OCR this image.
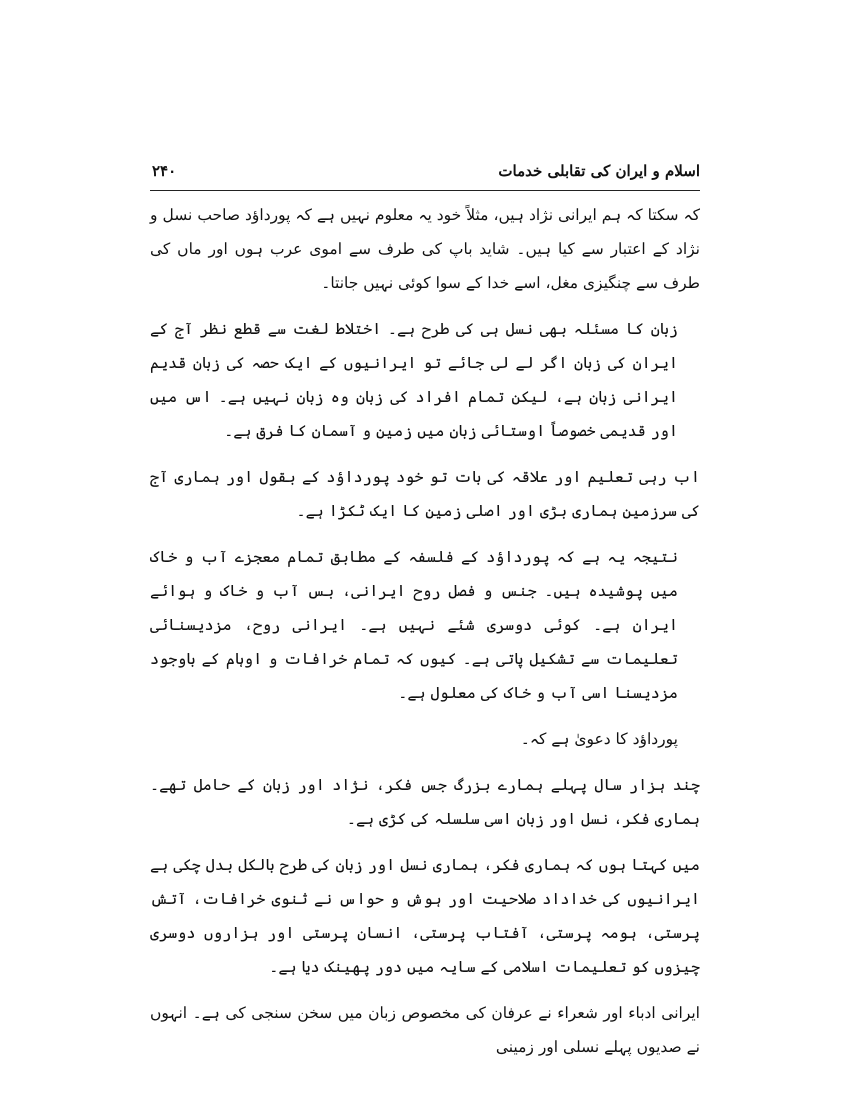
اسلام و ایران کی تقابلی خدمات
۲۴۰

کہ سکتا کہ ہم ایرانی نژاد ہیں، مثلاً خود یہ معلوم نہیں ہے کہ پورداؤد صاحب نسل و نژاد کے اعتبار سے کیا ہیں۔ شاید باپ کی طرف سے اموی عرب ہوں اور ماں کی طرف سے چنگیزی مغل، اسے خدا کے سوا کوئی نہیں جانتا۔

زبان کا مسئلہ بھی نسل ہی کی طرح ہے۔ اختلاط لغت سے قطع نظر آج کے ایران کی زبان اگر لے لی جائے تو ایرانیوں کے ایک حصہ کی زبان قدیم ایرانی زبان ہے، لیکن تمام افراد کی زبان وہ زبان نہیں ہے۔ اس میں اور قدیمی خصوصاً اوستائی زبان میں زمین و آسمان کا فرق ہے۔

اب رہی تعلیم اور علاقہ کی بات تو خود پورداؤد کے بقول اور ہماری آج کی سرزمین ہماری بڑی اور اصلی زمین کا ایک ٹکڑا ہے۔

نتیجہ یہ ہے کہ پورداؤد کے فلسفہ کے مطابق تمام معجزے آب و خاک میں پوشیدہ ہیں۔ جنس و فصل روح ایرانی، بس آب و خاک و ہوائے ایران ہے۔ کوئی دوسری شئے نہیں ہے۔ ایرانی روح، مزدیسنائی تعلیمات سے تشکیل پاتی ہے۔ کیوں کہ تمام خرافات و اوہام کے باوجود مزدیسنا اسی آب و خاک کی معلول ہے۔

پورداؤد کا دعویٰ ہے کہ۔

چند ہزار سال پہلے ہمارے بزرگ جس فکر، نژاد اور زبان کے حامل تھے۔ ہماری فکر، نسل اور زبان اسی سلسلہ کی کڑی ہے۔

میں کہتا ہوں کہ ہماری فکر، ہماری نسل اور زبان کی طرح بالکل بدل چکی ہے ایرانیوں کی خداداد صلاحیت اور ہوش و حواس نے ثنوی خرافات، آتش پرستی، ہومہ پرستی، آفتاب پرستی، انسان پرستی اور ہزاروں دوسری چیزوں کو تعلیمات اسلامی کے سایہ میں دور پھینک دیا ہے۔

ایرانی ادباء اور شعراء نے عرفان کی مخصوص زبان میں سخن سنجی کی ہے۔ انہوں نے صدیوں پہلے نسلی اور زمینی
